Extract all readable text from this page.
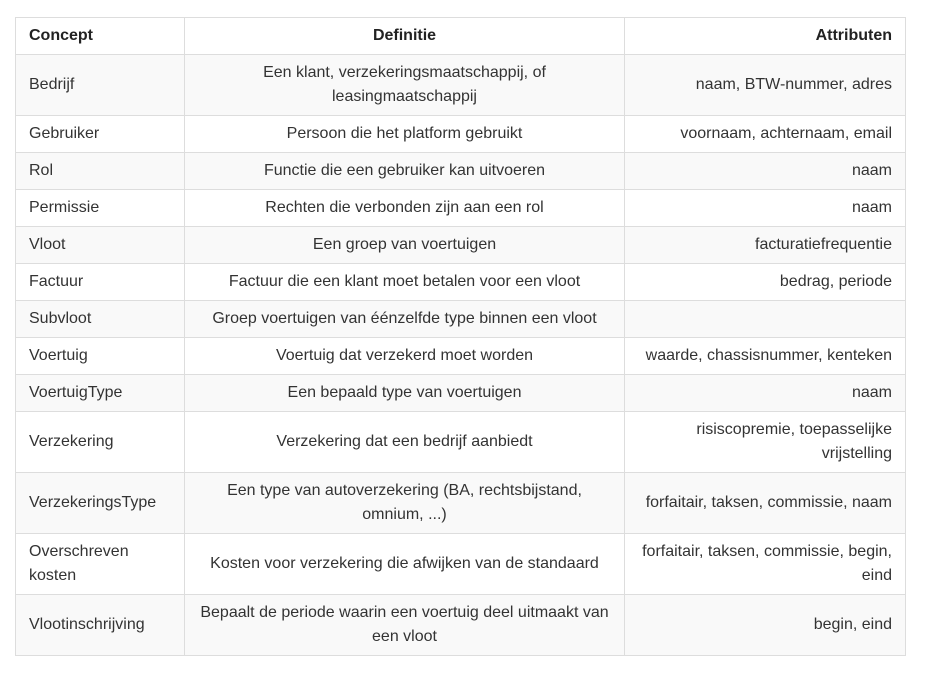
Concept	Definitie	Attributen
Bedrijf	Een klant, verzekeringsmaatschappij, of leasingmaatschappij	naam, BTW-nummer, adres
Gebruiker	Persoon die het platform gebruikt	voornaam, achternaam, email
Rol	Functie die een gebruiker kan uitvoeren	naam
Permissie	Rechten die verbonden zijn aan een rol	naam
Vloot	Een groep van voertuigen	facturatiefrequentie
Factuur	Factuur die een klant moet betalen voor een vloot	bedrag, periode
Subvloot	Groep voertuigen van éénzelfde type binnen een vloot	
Voertuig	Voertuig dat verzekerd moet worden	waarde, chassisnummer, kenteken
VoertuigType	Een bepaald type van voertuigen	naam
Verzekering	Verzekering dat een bedrijf aanbiedt	risiscopremie, toepasselijke vrijstelling
VerzekeringsType	Een type van autoverzekering (BA, rechtsbijstand, omnium, ...)	forfaitair, taksen, commissie, naam
Overschreven kosten	Kosten voor verzekering die afwijken van de standaard	forfaitair, taksen, commissie, begin, eind
Vlootinschrijving	Bepaalt de periode waarin een voertuig deel uitmaakt van een vloot	begin, eind
